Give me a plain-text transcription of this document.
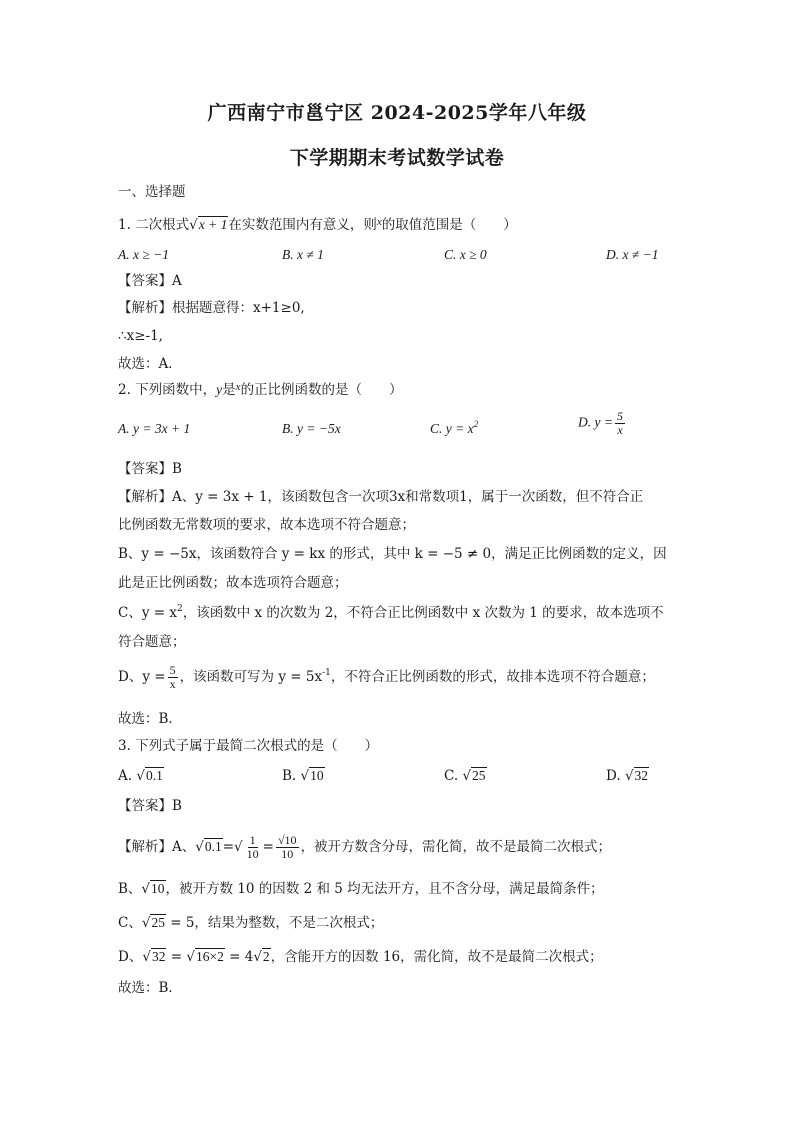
广西南宁市邕宁区 2024-2025学年八年级
下学期期末考试数学试卷
一、选择题
1. 二次根式√x + 1在实数范围内有意义，则$^x$的取值范围是（　　）
A. x ≥ −1	B. x ≠ 1	C. x ≥ 0	D. x ≠ −1
【答案】A
【解析】根据题意得：x+1≥0,
∴x≥-1,
故选：A．
2. 下列函数中，y是$^x$的正比例函数的是（　　）
A. y = 3x + 1	B. y = −5x	C. $y = x^2$	D. $y = \frac{5}{x}$
【答案】B
【解析】A、y = 3x + 1，该函数包含一次项3x和常数项1，属于一次函数，但不符合正
比例函数无常数项的要求，故本选项不符合题意；
B、y = −5x，该函数符合 y = kx 的形式，其中 k = −5 ≠ 0，满足正比例函数的定义，因
此是正比例函数；故本选项符合题意；
C、$y = x^2$，该函数中 x 的次数为 2，不符合正比例函数中 x 次数为 1 的要求，故本选项不
符合题意；
D、$y = \frac{5}{x}$ ，该函数可写为 $y = 5x^{-1}$，不符合正比例函数的形式，故排本选项不符合题意；
故选：B．
3. 下列式子属于最简二次根式的是（　　）
A. √0.1	B. √10	C. √25	D. √32
【答案】B
【解析】A、$√0.1=√ \frac{1}{10} = \frac{√10}{10}$ ，被开方数含分母，需化简，故不是最简二次根式；
B、√10，被开方数 10 的因数 2 和 5 均无法开方，且不含分母，满足最简条件；
C、√25 = 5，结果为整数，不是二次根式；
D、√32 = √16×2 = 4√2，含能开方的因数 16，需化简，故不是最简二次根式；
故选：B．
